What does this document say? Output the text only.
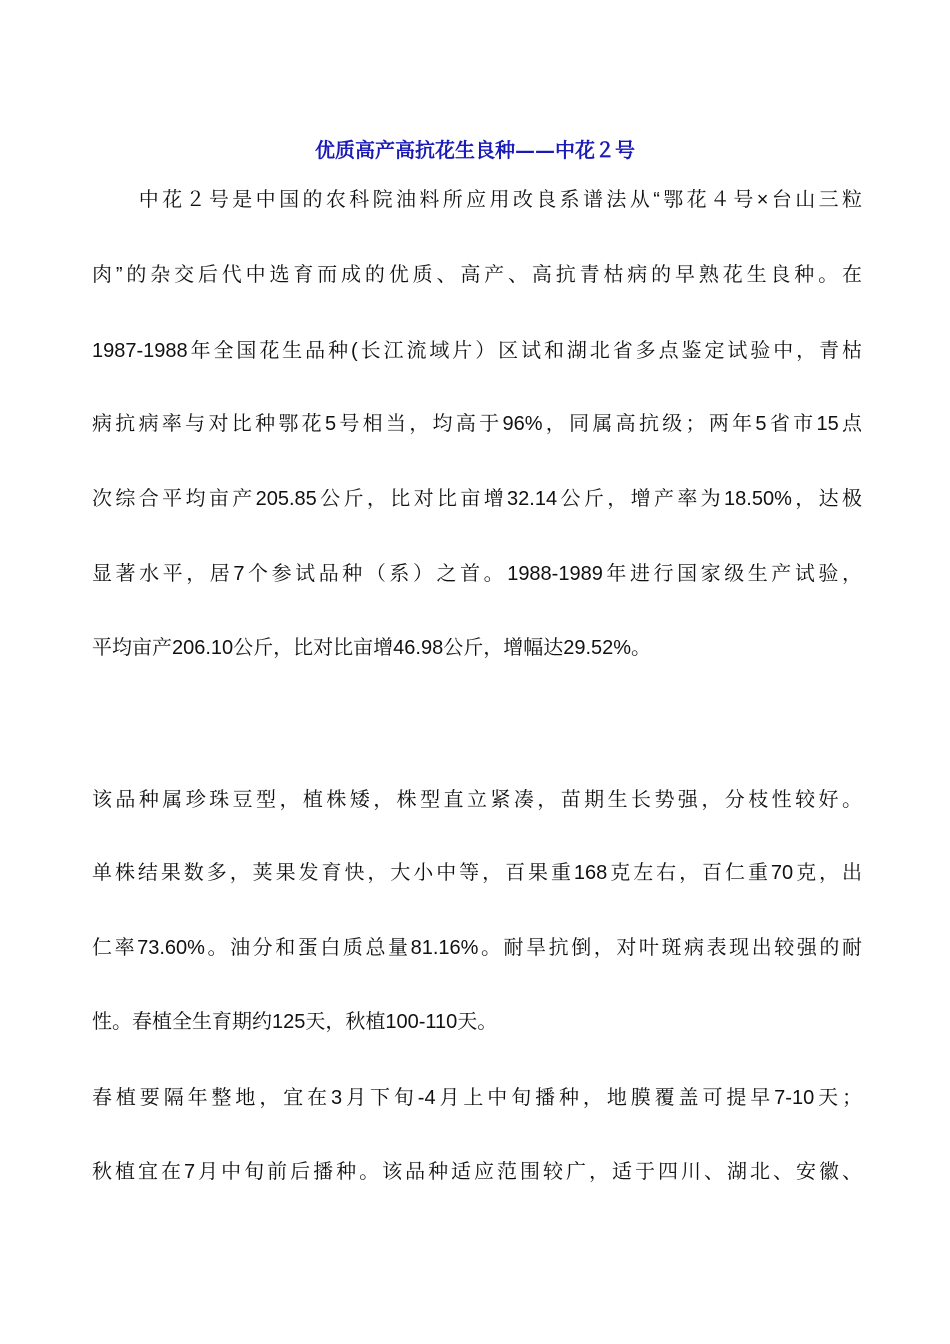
优质高产高抗花生良种——中花２号

　　中花２号是中国的农科院油料所应用改良系谱法从“鄂花４号×台山三粒

肉”的杂交后代中选育而成的优质、高产、高抗青枯病的早熟花生良种。在

1987-1988年全国花生品种(长江流域片）区试和湖北省多点鉴定试验中，青枯

病抗病率与对比种鄂花5号相当，均高于96%，同属高抗级；两年5省市15点

次综合平均亩产205.85公斤，比对比亩增32.14公斤，增产率为18.50%，达极

显著水平，居7个参试品种（系）之首。1988-1989年进行国家级生产试验，

平均亩产206.10公斤，比对比亩增46.98公斤，增幅达29.52%。

该品种属珍珠豆型，植株矮，株型直立紧凑，苗期生长势强，分枝性较好。

单株结果数多，荚果发育快，大小中等，百果重168克左右，百仁重70克，出

仁率73.60%。油分和蛋白质总量81.16%。耐旱抗倒，对叶斑病表现出较强的耐

性。春植全生育期约125天，秋植100-110天。

春植要隔年整地，宜在3月下旬-4月上中旬播种，地膜覆盖可提早7-10天；

秋植宜在7月中旬前后播种。该品种适应范围较广，适于四川、湖北、安徽、
